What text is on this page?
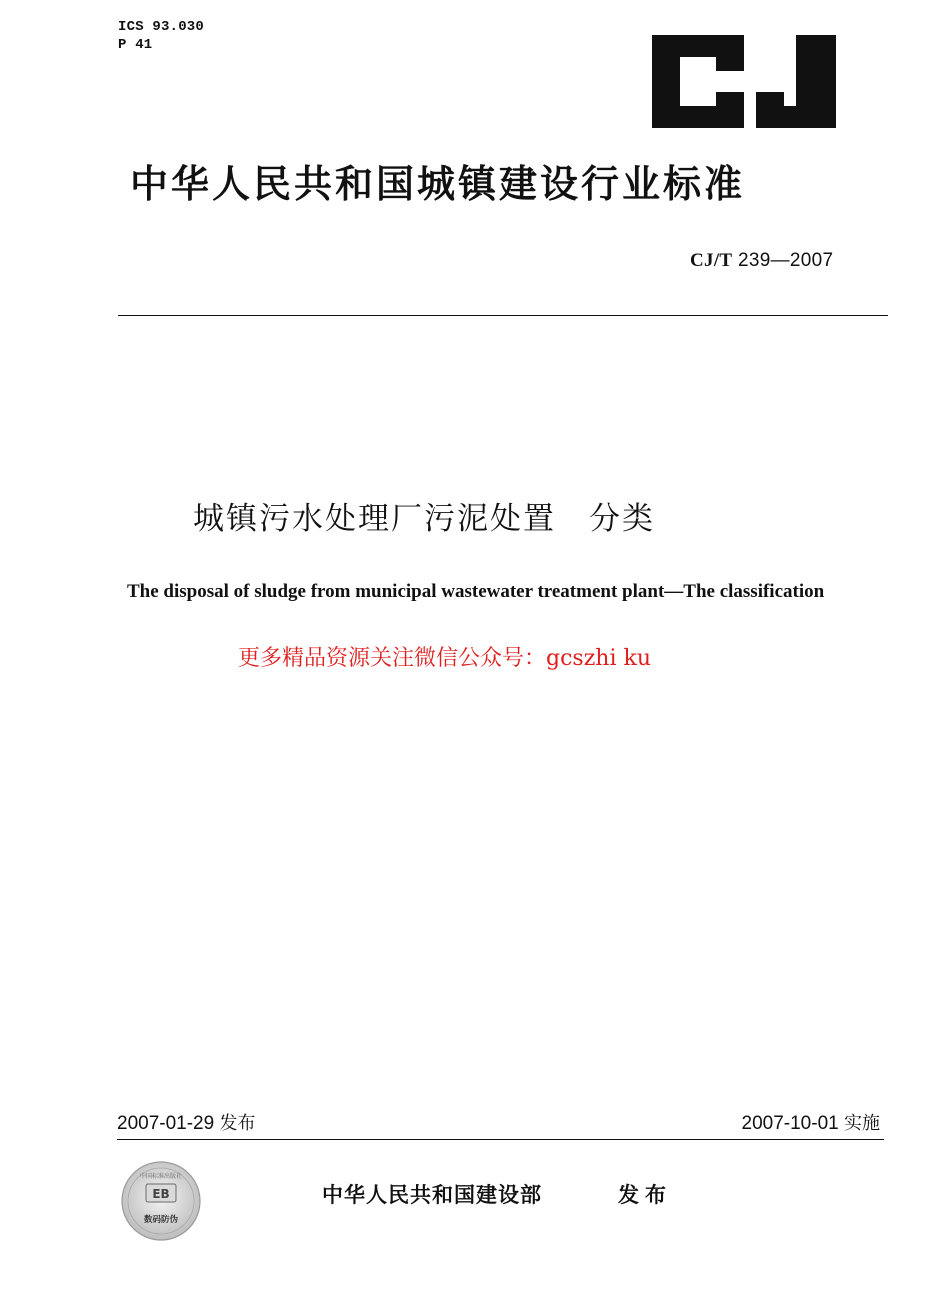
ICS 93.030
P 41
中华人民共和国城镇建设行业标准
CJ/T 239—2007
城镇污水处理厂污泥处置　分类
The disposal of sludge from municipal wastewater treatment plant—The classification
更多精品资源关注微信公众号：gcszhi ku
2007-01-29 发布	2007-10-01 实施
EB
中国标准出版社
数码防伪
中华人民共和国建设部	发布
